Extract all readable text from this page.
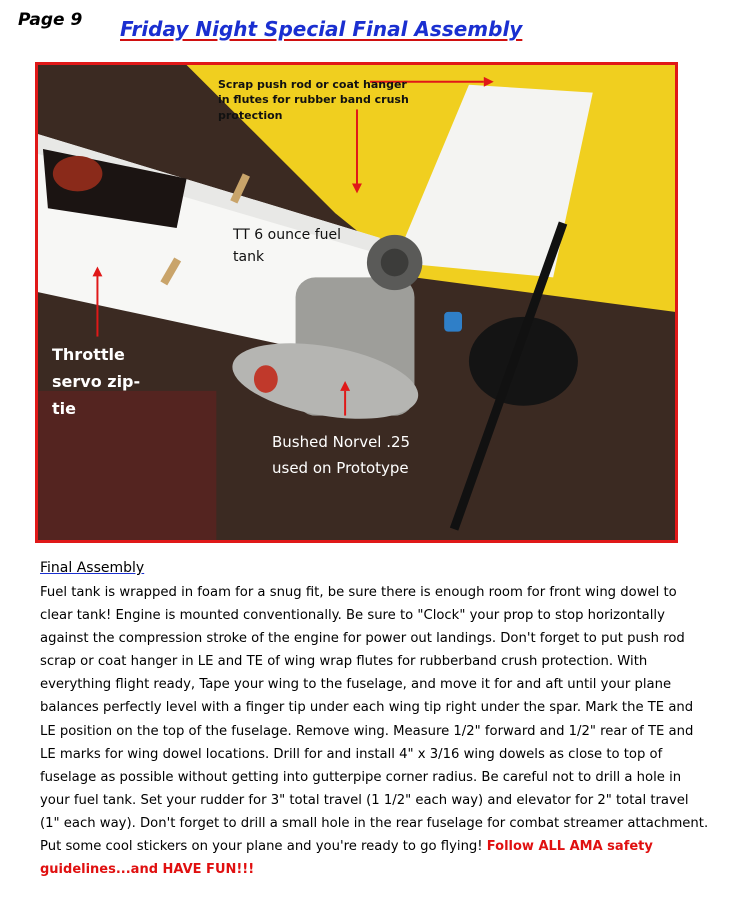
Page 9 Friday Night Special Final Assembly
Scrap push rod or coat hanger in flutes for rubber band crush protection
TT 6 ounce fuel tank
Throttle servo zip-tie
Bushed Norvel .25 used on Prototype
Final Assembly
Fuel tank is wrapped in foam for a snug fit, be sure there is enough room for front wing dowel to clear tank! Engine is mounted conventionally. Be sure to "Clock" your prop to stop horizontally against the compression stroke of the engine for power out landings. Don't forget to put push rod scrap or coat hanger in LE and TE of wing wrap flutes for rubberband crush protection. With everything flight ready, Tape your wing to the fuselage, and move it for and aft until your plane balances perfectly level with a finger tip under each wing tip right under the spar. Mark the TE and LE position on the top of the fuselage. Remove wing. Measure 1/2" forward and 1/2" rear of TE and LE marks for wing dowel locations. Drill for and install 4" x 3/16 wing dowels as close to top of fuselage as possible without getting into gutterpipe corner radius. Be careful not to drill a hole in your fuel tank. Set your rudder for 3" total travel (1 1/2" each way) and elevator for 2" total travel (1" each way). Don't forget to drill a small hole in the rear fuselage for combat streamer attachment. Put some cool stickers on your plane and you're ready to go flying! Follow ALL AMA safety guidelines...and HAVE FUN!!!
